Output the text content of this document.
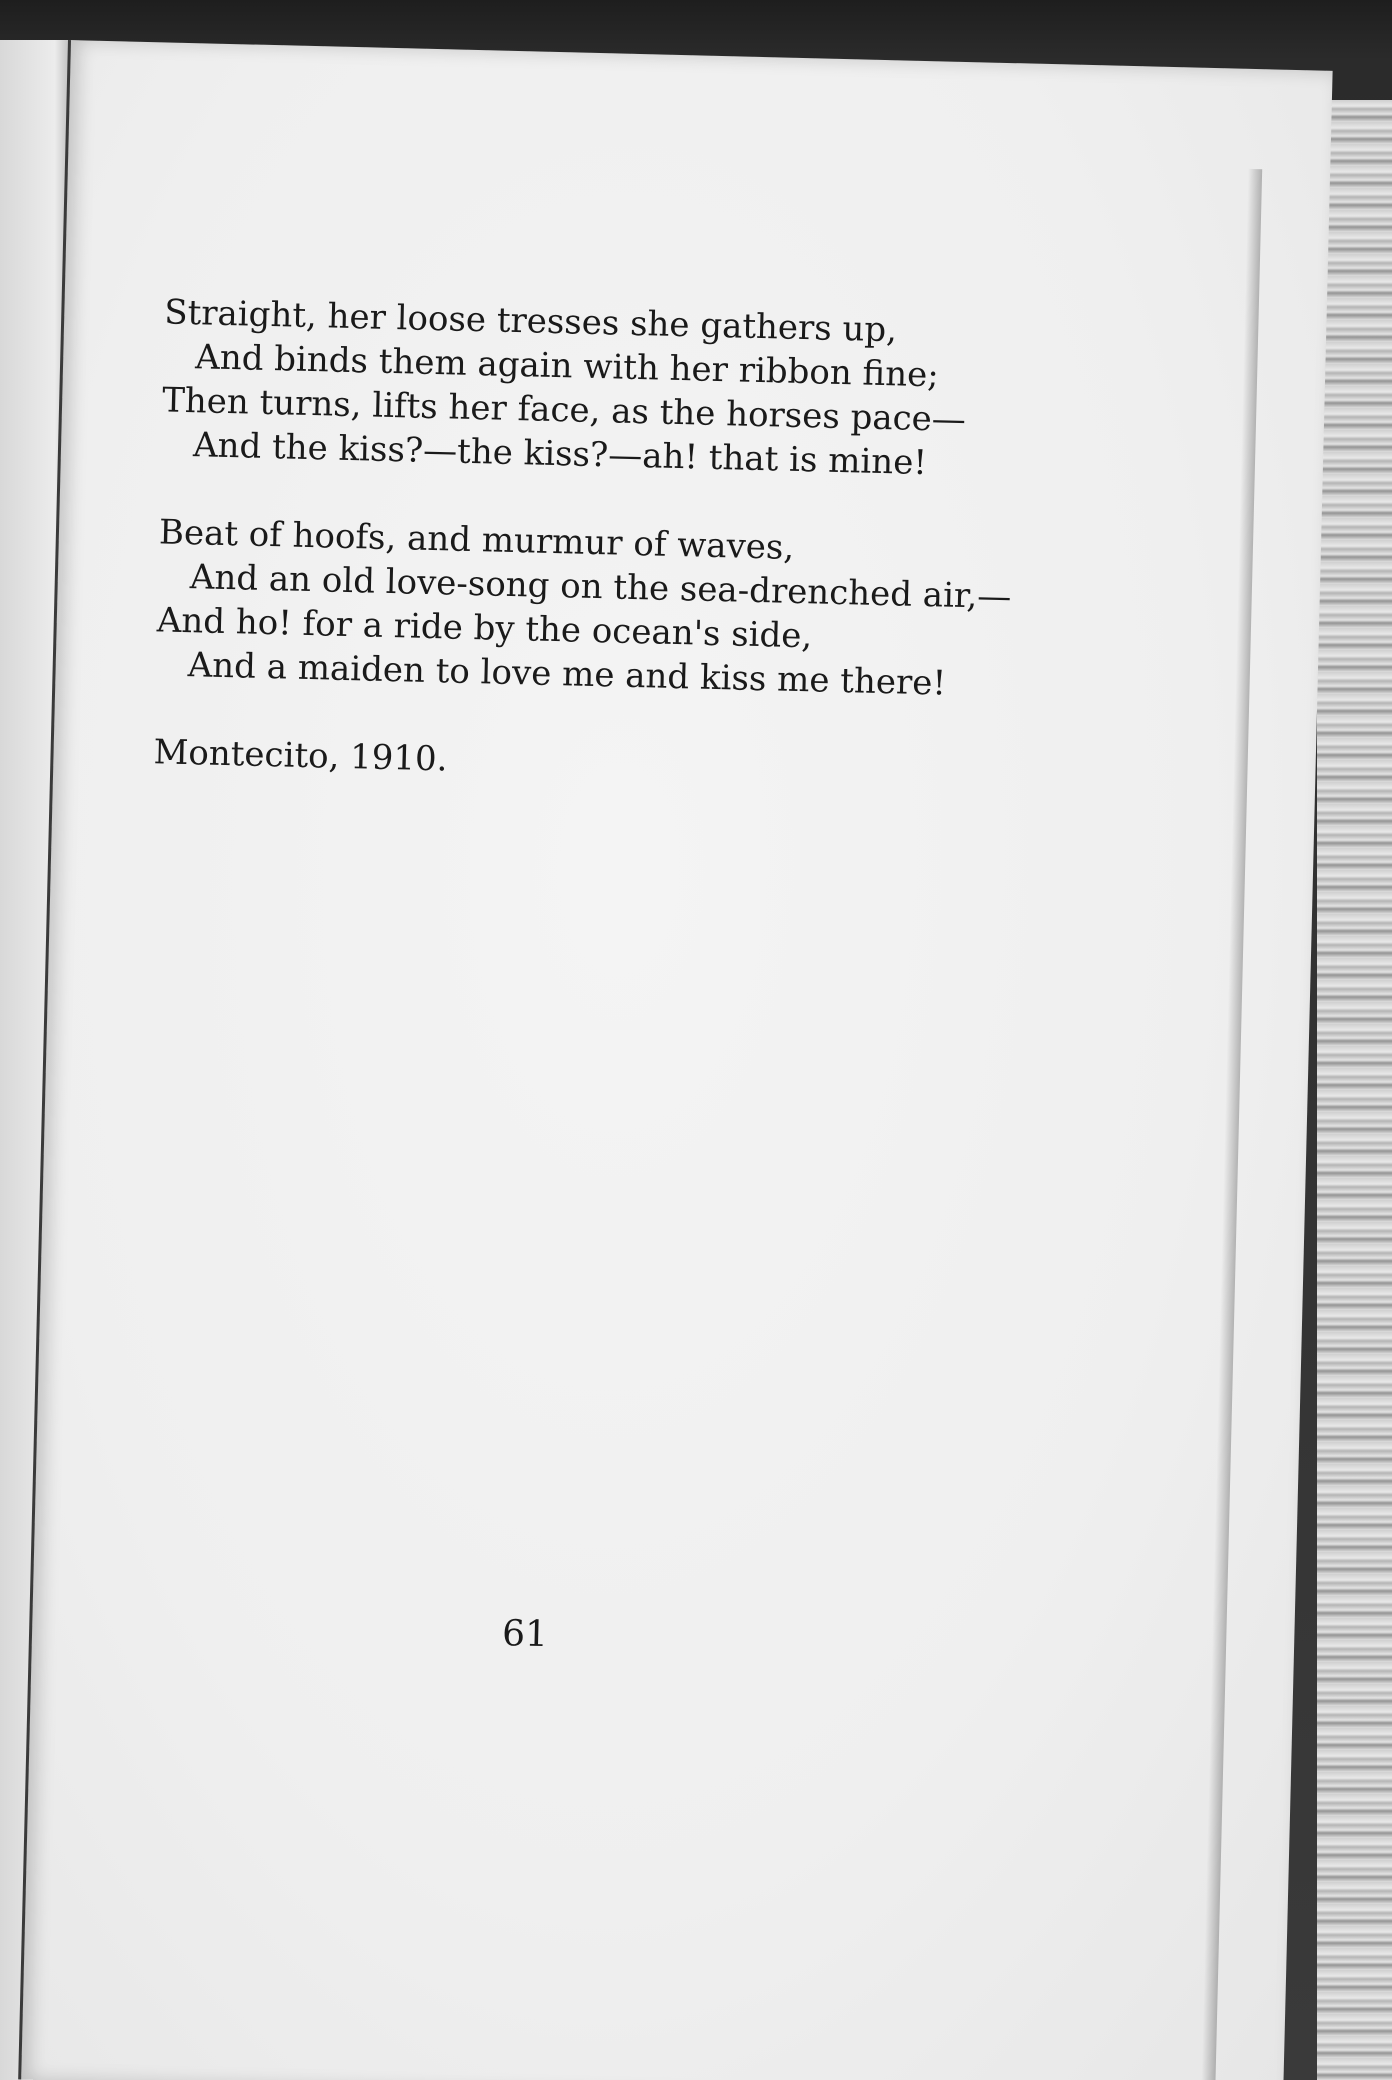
Straight, her loose tresses she gathers up,
And binds them again with her ribbon fine;
Then turns, lifts her face, as the horses pace—
And the kiss?—the kiss?—ah! that is mine!
Beat of hoofs, and murmur of waves,
And an old love-song on the sea-drenched air,—
And ho! for a ride by the ocean's side,
And a maiden to love me and kiss me there!
Montecito, 1910.
61
